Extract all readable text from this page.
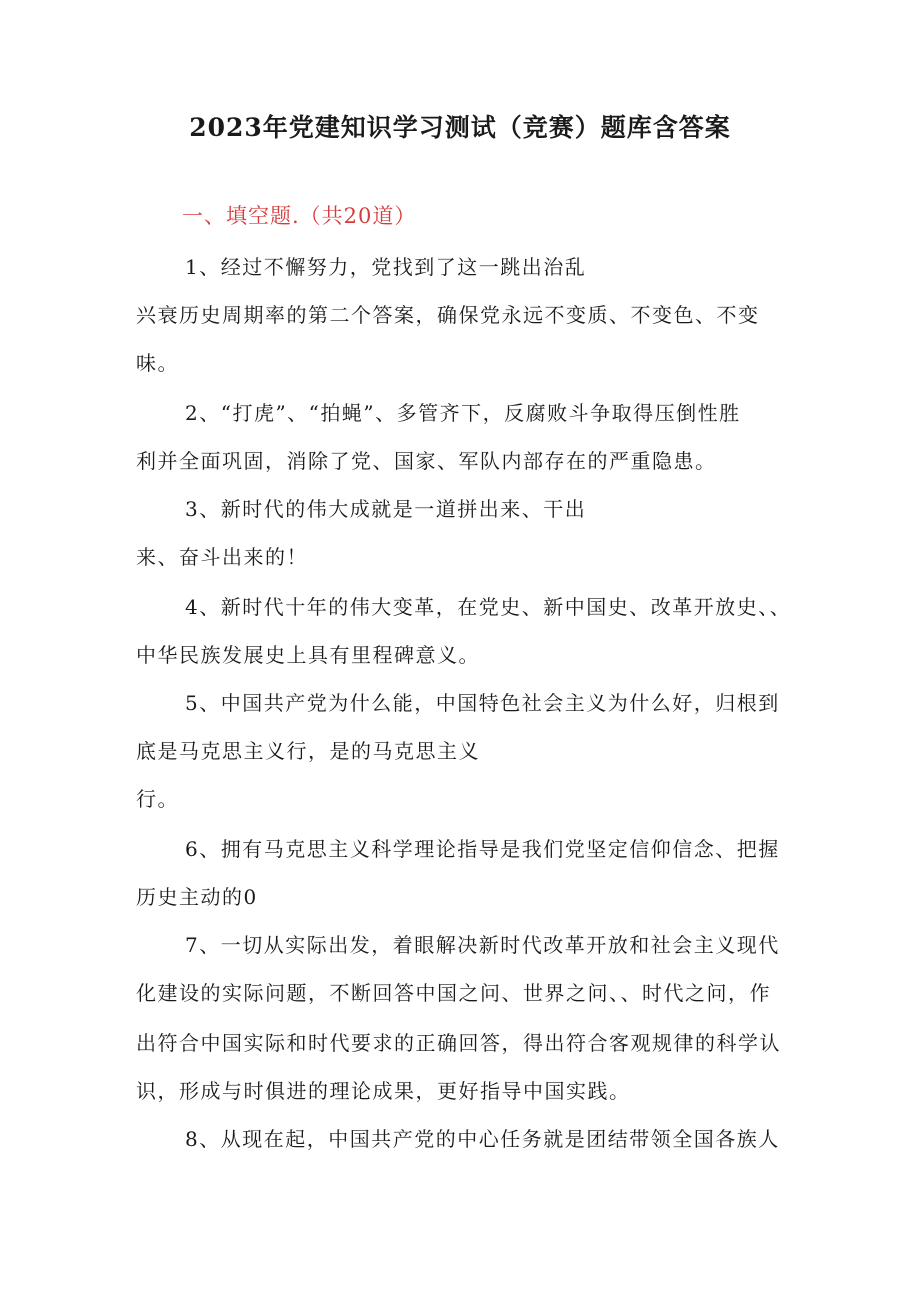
2023年党建知识学习测试（竞赛）题库含答案
一、填空题.（共20道）
1、经过不懈努力，党找到了这一跳出治乱
兴衰历史周期率的第二个答案，确保党永远不变质、不变色、不变
味。
2、“打虎”、“拍蝇”、多管齐下，反腐败斗争取得压倒性胜
利并全面巩固，消除了党、国家、军队内部存在的严重隐患。
3、新时代的伟大成就是一道拼出来、干出
来、奋斗出来的！
4、新时代十年的伟大变革，在党史、新中国史、改革开放史、、
中华民族发展史上具有里程碑意义。
5、中国共产党为什么能，中国特色社会主义为什么好，归根到
底是马克思主义行，是的马克思主义
行。
6、拥有马克思主义科学理论指导是我们党坚定信仰信念、把握
历史主动的0
7、一切从实际出发，着眼解决新时代改革开放和社会主义现代
化建设的实际问题，不断回答中国之问、世界之问、、时代之问，作
出符合中国实际和时代要求的正确回答，得出符合客观规律的科学认
识，形成与时俱进的理论成果，更好指导中国实践。
8、从现在起，中国共产党的中心任务就是团结带领全国各族人
